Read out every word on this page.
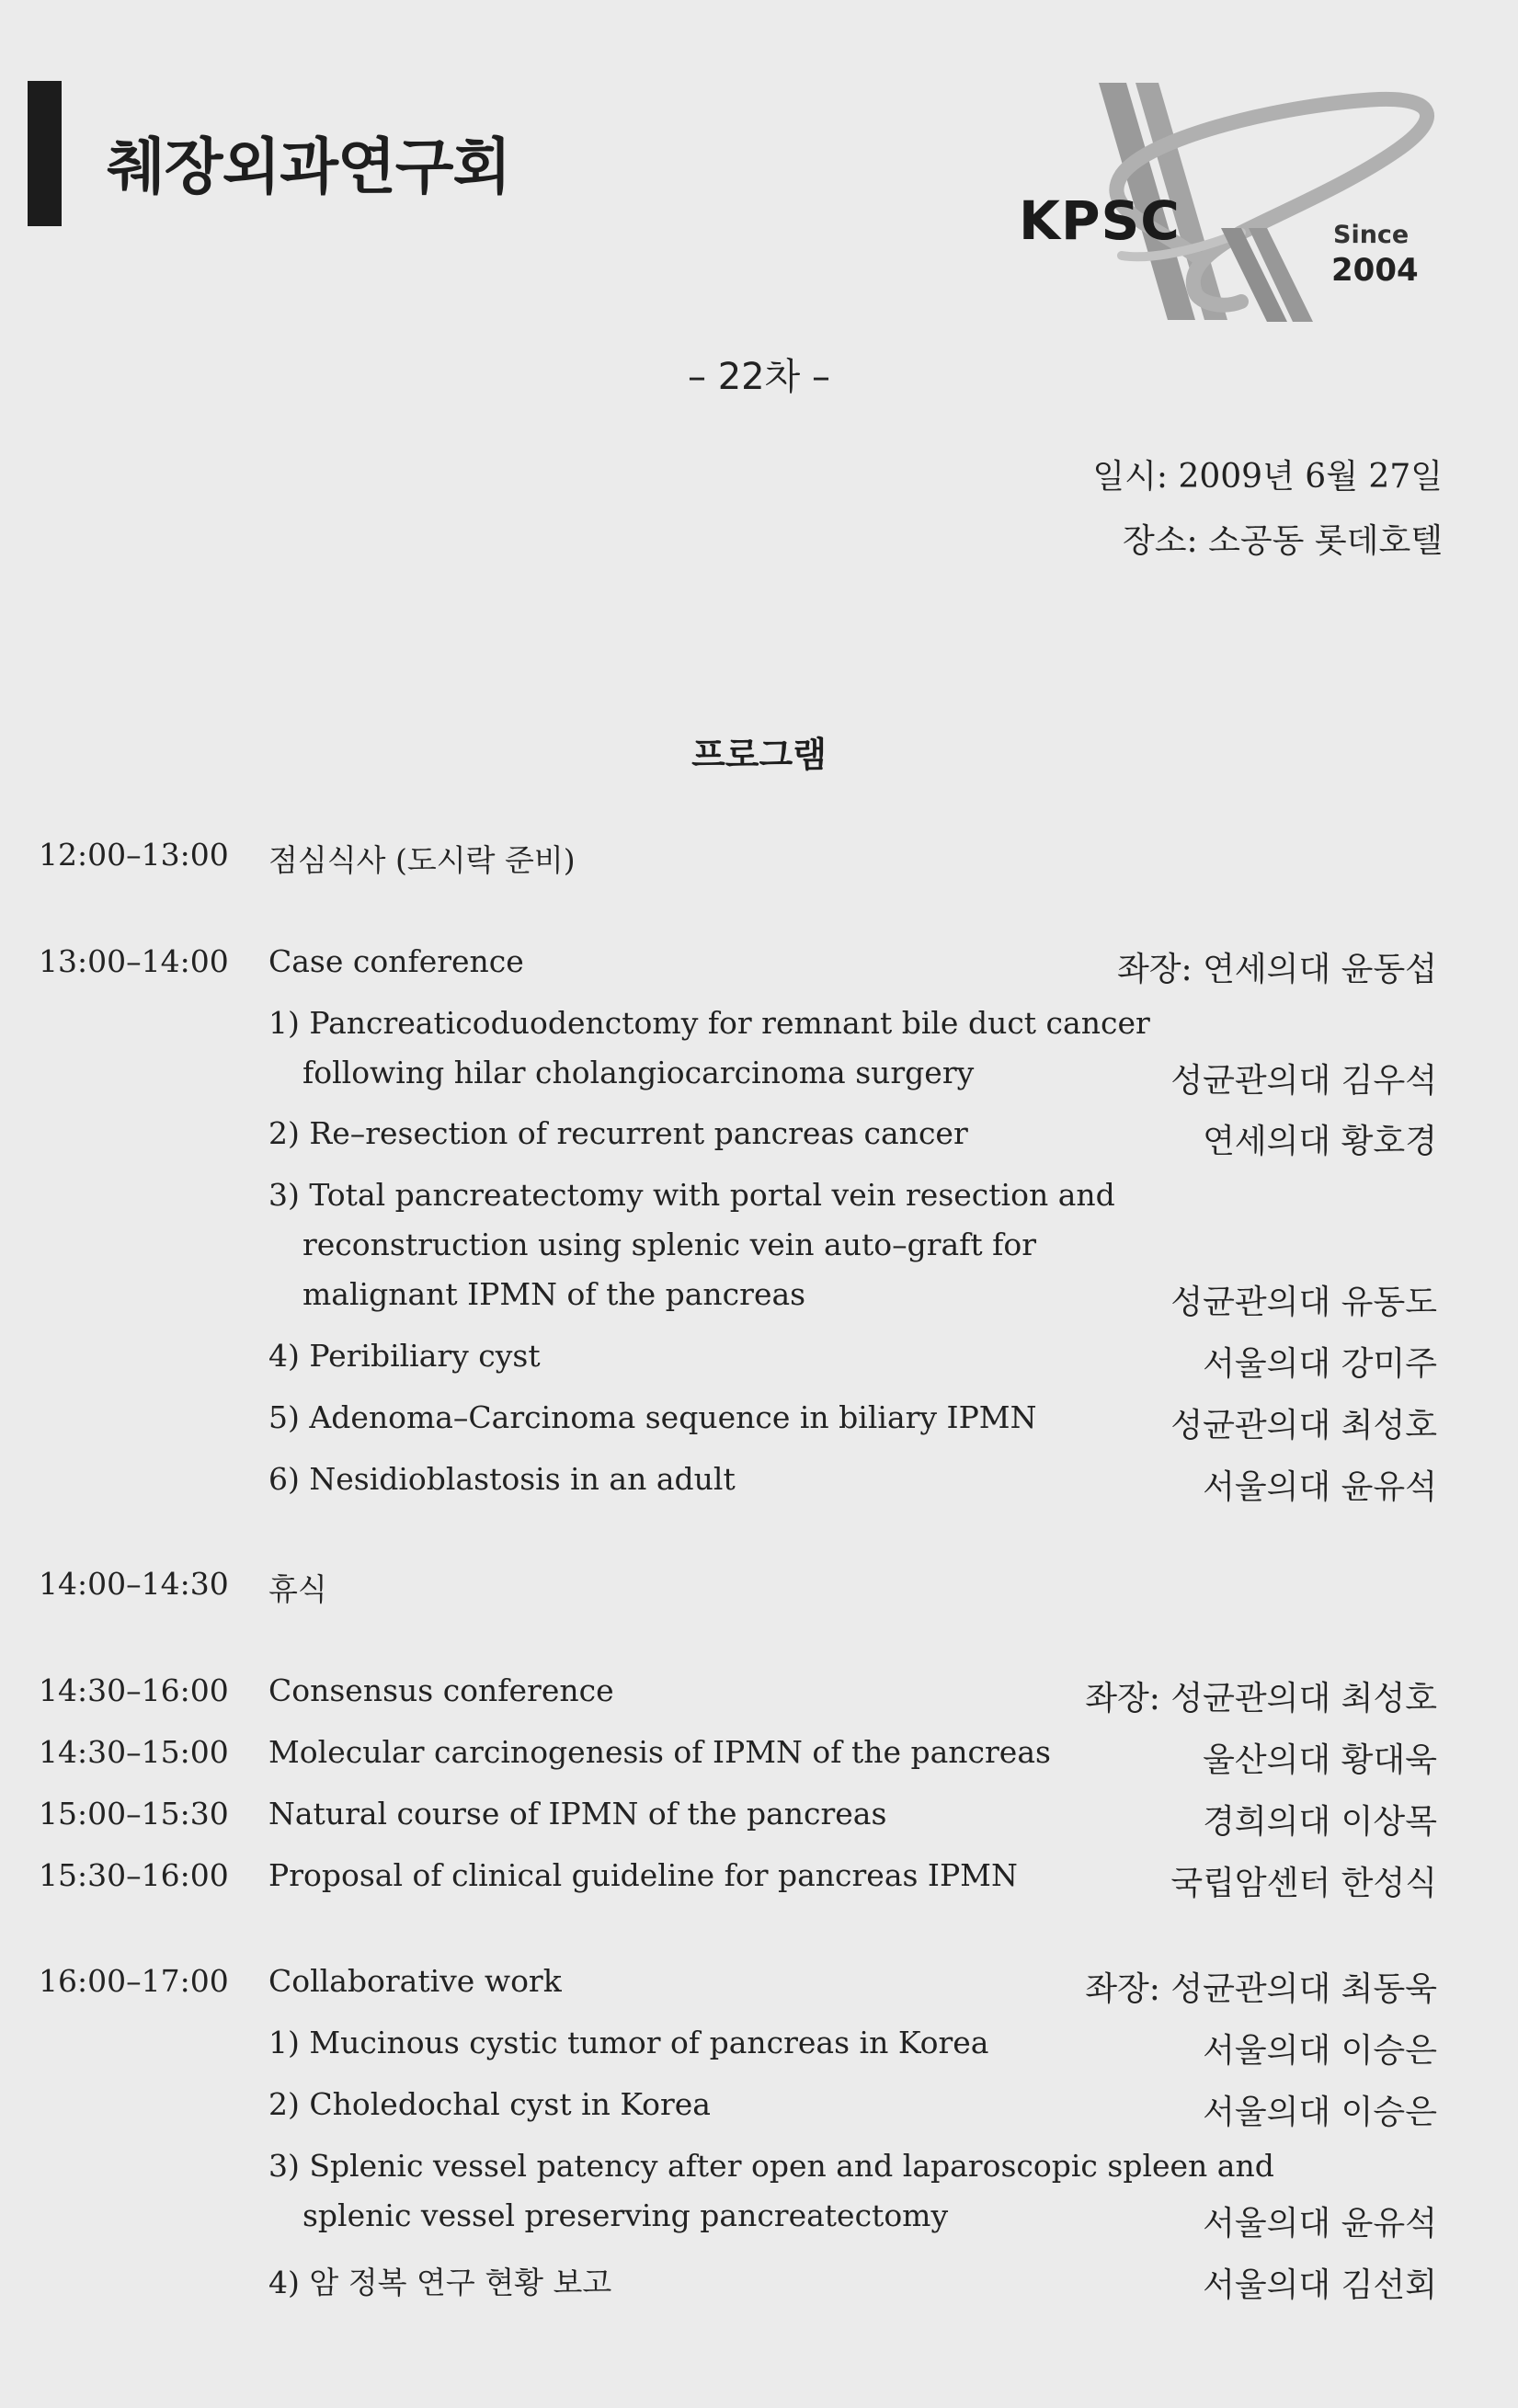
췌장외과연구회
KPSC	Since
2004
– 22차 –
일시: 2009년 6월 27일
장소: 소공동 롯데호텔
프로그램
12:00–13:00 점심식사 (도시락 준비)
13:00–14:00 Case conference	좌장: 연세의대 윤동섭
1) Pancreaticoduodenctomy for remnant bile duct cancer
following hilar cholangiocarcinoma surgery	성균관의대 김우석
2) Re–resection of recurrent pancreas cancer	연세의대 황호경
3) Total pancreatectomy with portal vein resection and
reconstruction using splenic vein auto–graft for
malignant IPMN of the pancreas	성균관의대 유동도
4) Peribiliary cyst	서울의대 강미주
5) Adenoma–Carcinoma sequence in biliary IPMN	성균관의대 최성호
6) Nesidioblastosis in an adult	서울의대 윤유석
14:00–14:30 휴식
14:30–16:00 Consensus conference	좌장: 성균관의대 최성호
14:30–15:00 Molecular carcinogenesis of IPMN of the pancreas	울산의대 황대욱
15:00–15:30 Natural course of IPMN of the pancreas	경희의대 이상목
15:30–16:00 Proposal of clinical guideline for pancreas IPMN	국립암센터 한성식
16:00–17:00 Collaborative work	좌장: 성균관의대 최동욱
1) Mucinous cystic tumor of pancreas in Korea	서울의대 이승은
2) Choledochal cyst in Korea	서울의대 이승은
3) Splenic vessel patency after open and laparoscopic spleen and
splenic vessel preserving pancreatectomy	서울의대 윤유석
4) 암 정복 연구 현황 보고	서울의대 김선회
